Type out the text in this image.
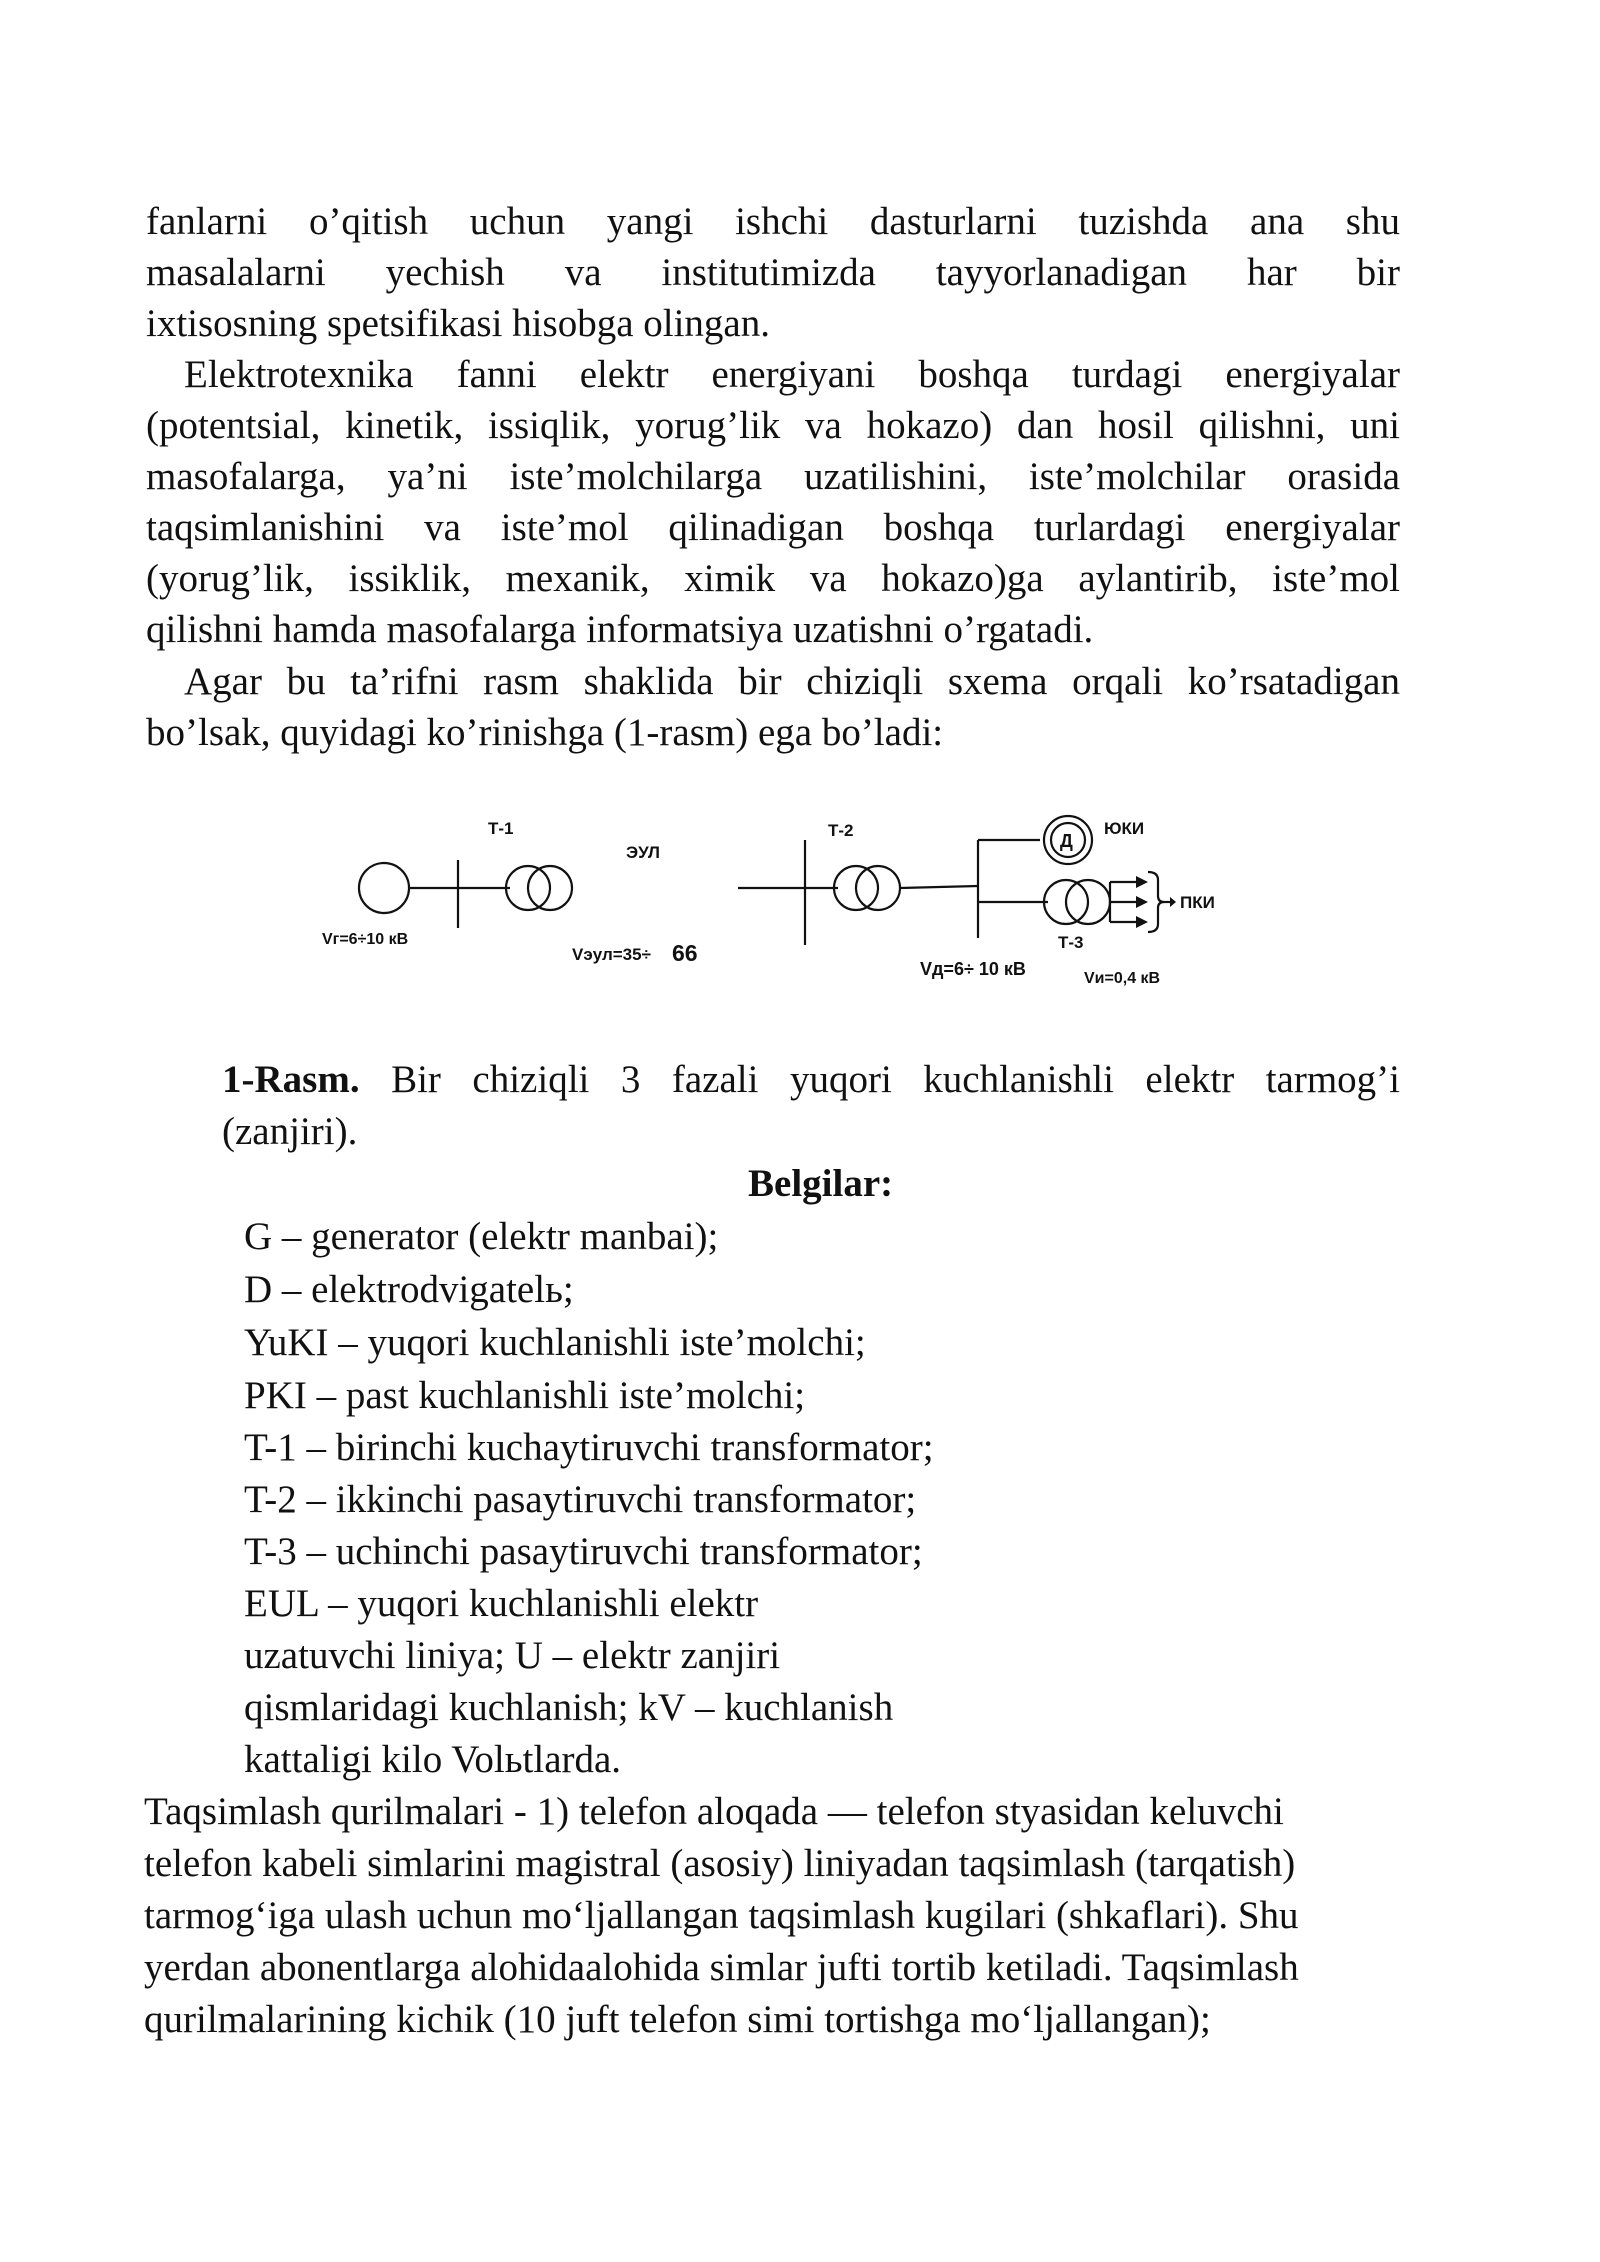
fanlarni o’qitish uchun yangi ishchi dasturlarni tuzishda ana shu
masalalarni yechish va institutimizda tayyorlanadigan har bir
ixtisosning spetsifikasi hisobga olingan.
Elektrotexnika fanni elektr energiyani boshqa turdagi energiyalar
(potentsial, kinetik, issiqlik, yorug’lik va hokazo) dan hosil qilishni, uni
masofalarga, ya’ni iste’molchilarga uzatilishini, iste’molchilar orasida
taqsimlanishini va iste’mol qilinadigan boshqa turlardagi energiyalar
(yorug’lik, issiklik, mexanik, ximik va hokazo)ga aylantirib, iste’mol
qilishni hamda masofalarga informatsiya uzatishni o’rgatadi.
Agar bu ta’rifni rasm shaklida bir chiziqli sxema orqali ko’rsatadigan
bo’lsak, quyidagi ko’rinishga (1-rasm) ega bo’ladi:
Т-1
ЭУЛ
Т-2
Д
ЮКИ
ПКИ
Т-3
Vг=6÷10 кВ
Vэул=35÷ 66
Vд=6÷ 10 кВ	Vи=0,4 кВ
1-Rasm. Bir chiziqli 3 fazali yuqori kuchlanishli elektr tarmog’i
(zanjiri).
Belgilar:
G – generator (elektr manbai);
D – elektrodvigatelь;
YuKI – yuqori kuchlanishli iste’molchi;
PKI – past kuchlanishli iste’molchi;
T-1 – birinchi kuchaytiruvchi transformator;
T-2 – ikkinchi pasaytiruvchi transformator;
T-3 – uchinchi pasaytiruvchi transformator;
EUL – yuqori kuchlanishli elektr
uzatuvchi liniya; U – elektr zanjiri
qismlaridagi kuchlanish; kV – kuchlanish
kattaligi kilo Volьtlarda.
Taqsimlash qurilmalari - 1) telefon aloqada — telefon styasidan keluvchi
telefon kabeli simlarini magistral (asosiy) liniyadan taqsimlash (tarqatish)
tarmog‘iga ulash uchun mo‘ljallangan taqsimlash kugilari (shkaflari). Shu
yerdan abonentlarga alohidaalohida simlar jufti tortib ketiladi. Taqsimlash
qurilmalarining kichik (10 juft telefon simi tortishga mo‘ljallangan);
